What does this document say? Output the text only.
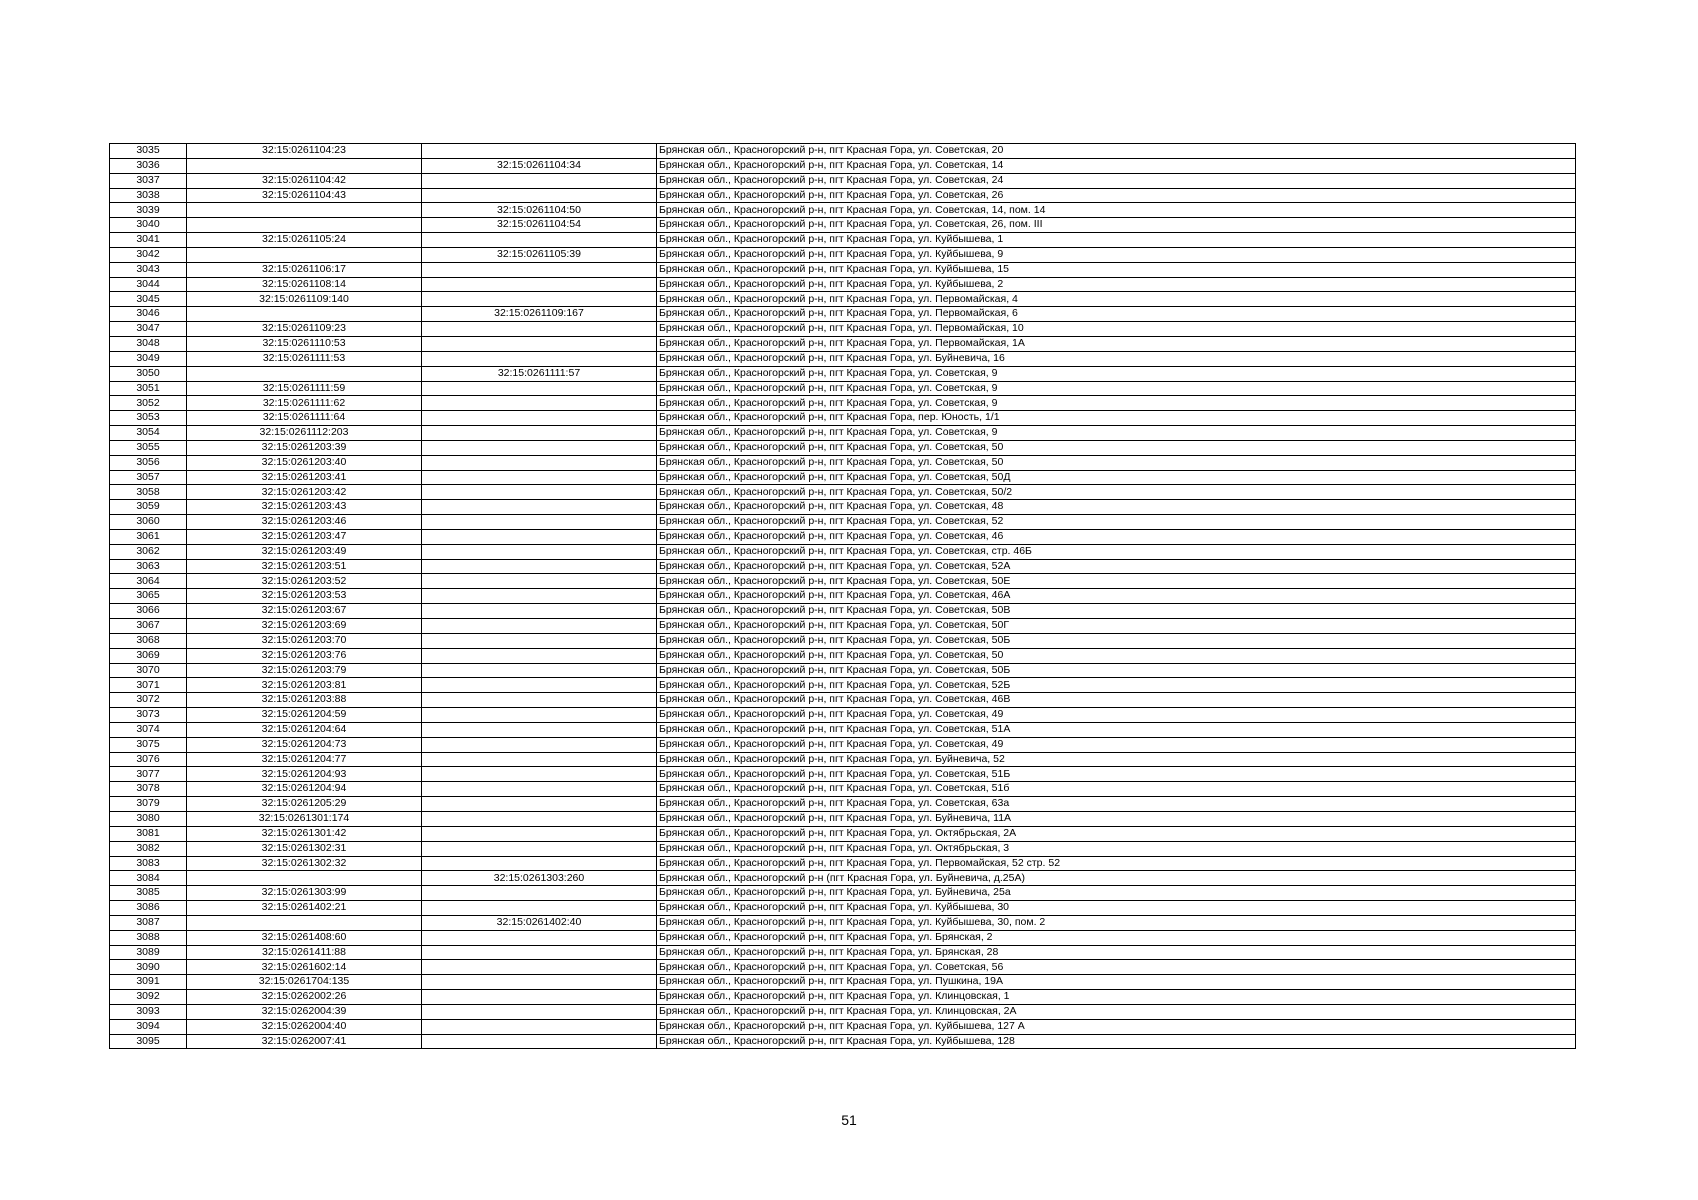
3035	32:15:0261104:23		Брянская обл., Красногорский р-н, пгт Красная Гора, ул. Советская, 20
3036		32:15:0261104:34	Брянская обл., Красногорский р-н, пгт Красная Гора, ул. Советская, 14
3037	32:15:0261104:42		Брянская обл., Красногорский р-н, пгт Красная Гора, ул. Советская, 24
3038	32:15:0261104:43		Брянская обл., Красногорский р-н, пгт Красная Гора, ул. Советская, 26
3039		32:15:0261104:50	Брянская обл., Красногорский р-н, пгт Красная Гора, ул. Советская, 14, пом. 14
3040		32:15:0261104:54	Брянская обл., Красногорский р-н, пгт Красная Гора, ул. Советская, 26, пом. III
3041	32:15:0261105:24		Брянская обл., Красногорский р-н, пгт Красная Гора, ул. Куйбышева, 1
3042		32:15:0261105:39	Брянская обл., Красногорский р-н, пгт Красная Гора, ул. Куйбышева, 9
3043	32:15:0261106:17		Брянская обл., Красногорский р-н, пгт Красная Гора, ул. Куйбышева, 15
3044	32:15:0261108:14		Брянская обл., Красногорский р-н, пгт Красная Гора, ул. Куйбышева, 2
3045	32:15:0261109:140		Брянская обл., Красногорский р-н, пгт Красная Гора, ул. Первомайская, 4
3046		32:15:0261109:167	Брянская обл., Красногорский р-н, пгт Красная Гора, ул. Первомайская, 6
3047	32:15:0261109:23		Брянская обл., Красногорский р-н, пгт Красная Гора, ул. Первомайская, 10
3048	32:15:0261110:53		Брянская обл., Красногорский р-н, пгт Красная Гора, ул. Первомайская, 1А
3049	32:15:0261111:53		Брянская обл., Красногорский р-н, пгт Красная Гора, ул. Буйневича, 16
3050		32:15:0261111:57	Брянская обл., Красногорский р-н, пгт Красная Гора, ул. Советская, 9
3051	32:15:0261111:59		Брянская обл., Красногорский р-н, пгт Красная Гора, ул. Советская, 9
3052	32:15:0261111:62		Брянская обл., Красногорский р-н, пгт Красная Гора, ул. Советская, 9
3053	32:15:0261111:64		Брянская обл., Красногорский р-н, пгт Красная Гора, пер. Юность, 1/1
3054	32:15:0261112:203		Брянская обл., Красногорский р-н, пгт Красная Гора, ул. Советская, 9
3055	32:15:0261203:39		Брянская обл., Красногорский р-н, пгт Красная Гора, ул. Советская, 50
3056	32:15:0261203:40		Брянская обл., Красногорский р-н, пгт Красная Гора, ул. Советская, 50
3057	32:15:0261203:41		Брянская обл., Красногорский р-н, пгт Красная Гора, ул. Советская, 50Д
3058	32:15:0261203:42		Брянская обл., Красногорский р-н, пгт Красная Гора, ул. Советская, 50/2
3059	32:15:0261203:43		Брянская обл., Красногорский р-н, пгт Красная Гора, ул. Советская, 48
3060	32:15:0261203:46		Брянская обл., Красногорский р-н, пгт Красная Гора, ул. Советская, 52
3061	32:15:0261203:47		Брянская обл., Красногорский р-н, пгт Красная Гора, ул. Советская, 46
3062	32:15:0261203:49		Брянская обл., Красногорский р-н, пгт Красная Гора, ул. Советская, стр. 46Б
3063	32:15:0261203:51		Брянская обл., Красногорский р-н, пгт Красная Гора, ул. Советская, 52А
3064	32:15:0261203:52		Брянская обл., Красногорский р-н, пгт Красная Гора, ул. Советская, 50Е
3065	32:15:0261203:53		Брянская обл., Красногорский р-н, пгт Красная Гора, ул. Советская, 46А
3066	32:15:0261203:67		Брянская обл., Красногорский р-н, пгт Красная Гора, ул. Советская, 50В
3067	32:15:0261203:69		Брянская обл., Красногорский р-н, пгт Красная Гора, ул. Советская, 50Г
3068	32:15:0261203:70		Брянская обл., Красногорский р-н, пгт Красная Гора, ул. Советская, 50Б
3069	32:15:0261203:76		Брянская обл., Красногорский р-н, пгт Красная Гора, ул. Советская, 50
3070	32:15:0261203:79		Брянская обл., Красногорский р-н, пгт Красная Гора, ул. Советская, 50Б
3071	32:15:0261203:81		Брянская обл., Красногорский р-н, пгт Красная Гора, ул. Советская, 52Б
3072	32:15:0261203:88		Брянская обл., Красногорский р-н, пгт Красная Гора, ул. Советская, 46В
3073	32:15:0261204:59		Брянская обл., Красногорский р-н, пгт Красная Гора, ул. Советская, 49
3074	32:15:0261204:64		Брянская обл., Красногорский р-н, пгт Красная Гора, ул. Советская, 51А
3075	32:15:0261204:73		Брянская обл., Красногорский р-н, пгт Красная Гора, ул. Советская, 49
3076	32:15:0261204:77		Брянская обл., Красногорский р-н, пгт Красная Гора, ул. Буйневича, 52
3077	32:15:0261204:93		Брянская обл., Красногорский р-н, пгт Красная Гора, ул. Советская, 51Б
3078	32:15:0261204:94		Брянская обл., Красногорский р-н, пгт Красная Гора, ул. Советская, 51б
3079	32:15:0261205:29		Брянская обл., Красногорский р-н, пгт Красная Гора, ул. Советская, 63а
3080	32:15:0261301:174		Брянская обл., Красногорский р-н, пгт Красная Гора, ул. Буйневича, 11А
3081	32:15:0261301:42		Брянская обл., Красногорский р-н, пгт Красная Гора, ул. Октябрьская, 2А
3082	32:15:0261302:31		Брянская обл., Красногорский р-н, пгт Красная Гора, ул. Октябрьская, 3
3083	32:15:0261302:32		Брянская обл., Красногорский р-н, пгт Красная Гора, ул. Первомайская, 52 стр. 52
3084		32:15:0261303:260	Брянская обл., Красногорский р-н (пгт Красная Гора, ул. Буйневича, д.25А)
3085	32:15:0261303:99		Брянская обл., Красногорский р-н, пгт Красная Гора, ул. Буйневича, 25а
3086	32:15:0261402:21		Брянская обл., Красногорский р-н, пгт Красная Гора, ул. Куйбышева, 30
3087		32:15:0261402:40	Брянская обл., Красногорский р-н, пгт Красная Гора, ул. Куйбышева, 30, пом. 2
3088	32:15:0261408:60		Брянская обл., Красногорский р-н, пгт Красная Гора, ул. Брянская, 2
3089	32:15:0261411:88		Брянская обл., Красногорский р-н, пгт Красная Гора, ул. Брянская, 28
3090	32:15:0261602:14		Брянская обл., Красногорский р-н, пгт Красная Гора, ул. Советская, 56
3091	32:15:0261704:135		Брянская обл., Красногорский р-н, пгт Красная Гора, ул. Пушкина, 19А
3092	32:15:0262002:26		Брянская обл., Красногорский р-н, пгт Красная Гора, ул. Клинцовская, 1
3093	32:15:0262004:39		Брянская обл., Красногорский р-н, пгт Красная Гора, ул. Клинцовская, 2А
3094	32:15:0262004:40		Брянская обл., Красногорский р-н, пгт Красная Гора, ул. Куйбышева, 127 А
3095	32:15:0262007:41		Брянская обл., Красногорский р-н, пгт Красная Гора, ул. Куйбышева, 128
51
